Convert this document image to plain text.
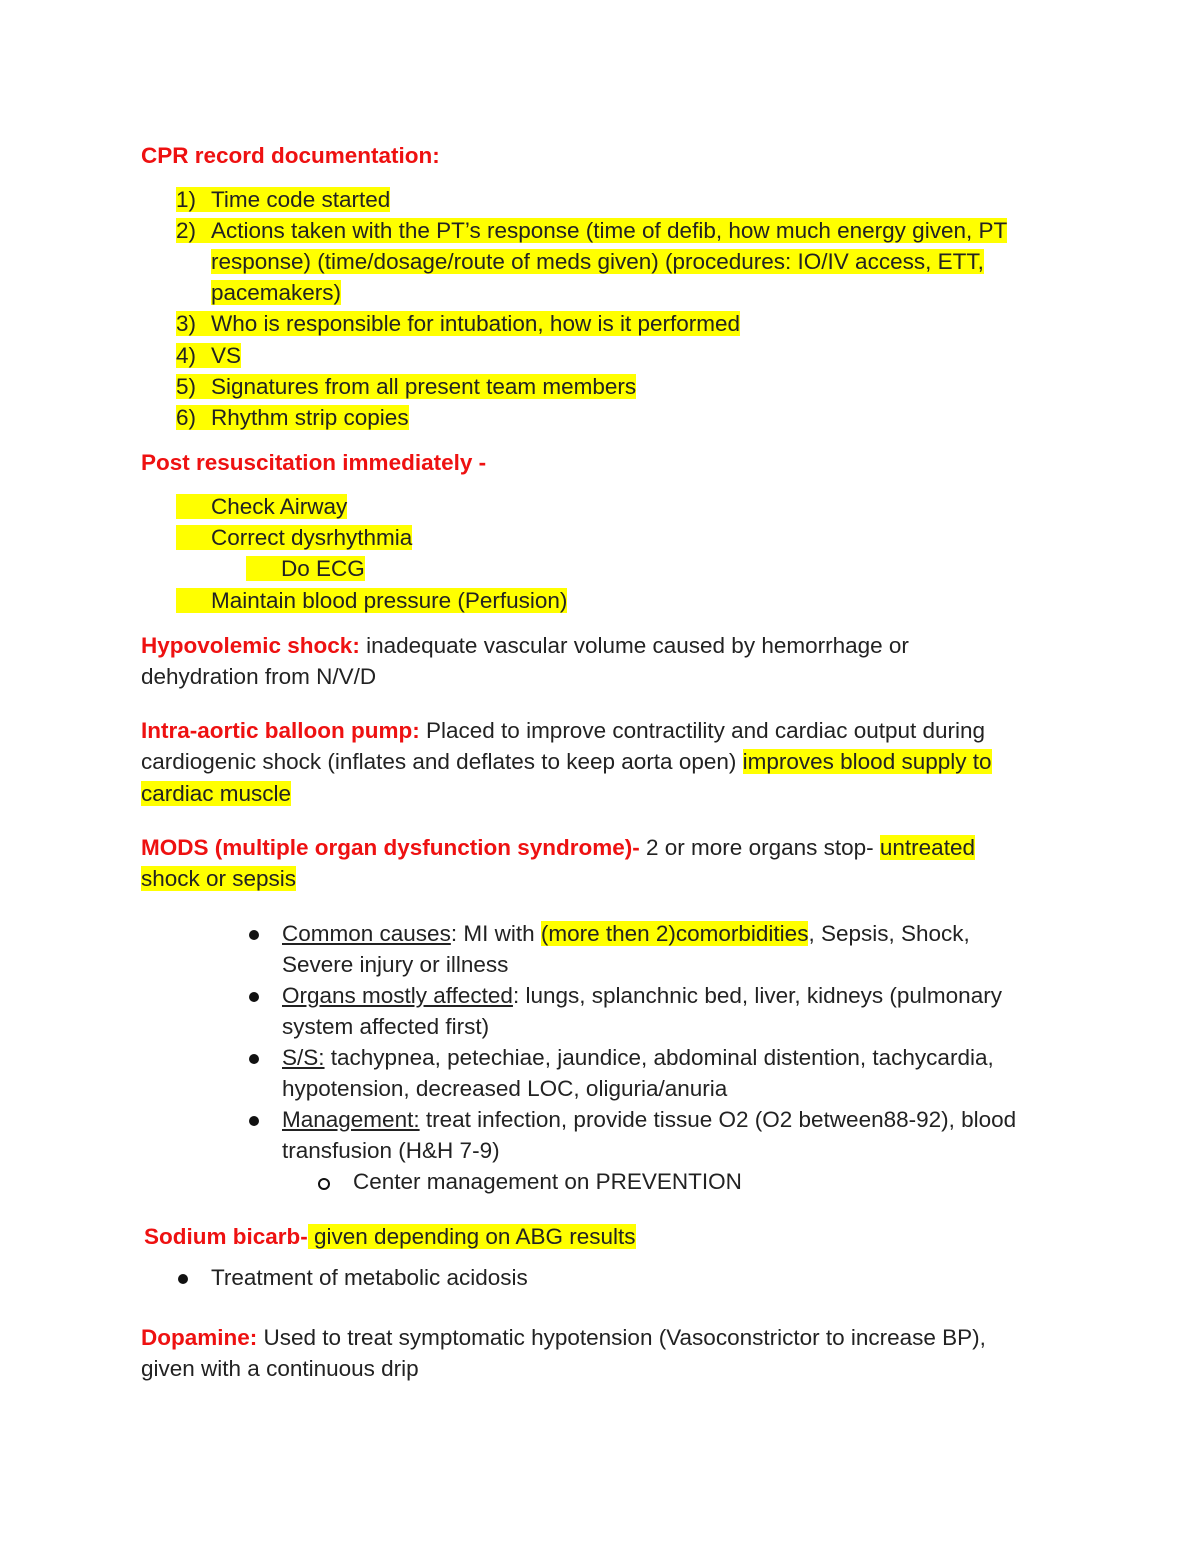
CPR record documentation:
1) Time code started
2) Actions taken with the PT’s response (time of defib, how much energy given, PT
response) (time/dosage/route of meds given) (procedures: IO/IV access, ETT,
pacemakers)
3) Who is responsible for intubation, how is it performed
4) VS
5) Signatures from all present team members
6) Rhythm strip copies
Post resuscitation immediately -
Check Airway
Correct dysrhythmia
Do ECG
Maintain blood pressure (Perfusion)
Hypovolemic shock: inadequate vascular volume caused by hemorrhage or
dehydration from N/V/D
Intra-aortic balloon pump: Placed to improve contractility and cardiac output during
cardiogenic shock (inflates and deflates to keep aorta open) improves blood supply to
cardiac muscle
MODS (multiple organ dysfunction syndrome)- 2 or more organs stop- untreated
shock or sepsis
Common causes: MI with (more then 2)comorbidities, Sepsis, Shock,
Severe injury or illness
Organs mostly affected: lungs, splanchnic bed, liver, kidneys (pulmonary
system affected first)
S/S: tachypnea, petechiae, jaundice, abdominal distention, tachycardia,
hypotension, decreased LOC, oliguria/anuria
Management: treat infection, provide tissue O2 (O2 between88-92), blood
transfusion (H&H 7-9)
Center management on PREVENTION
Sodium bicarb- given depending on ABG results
Treatment of metabolic acidosis
Dopamine: Used to treat symptomatic hypotension (Vasoconstrictor to increase BP),
given with a continuous drip
